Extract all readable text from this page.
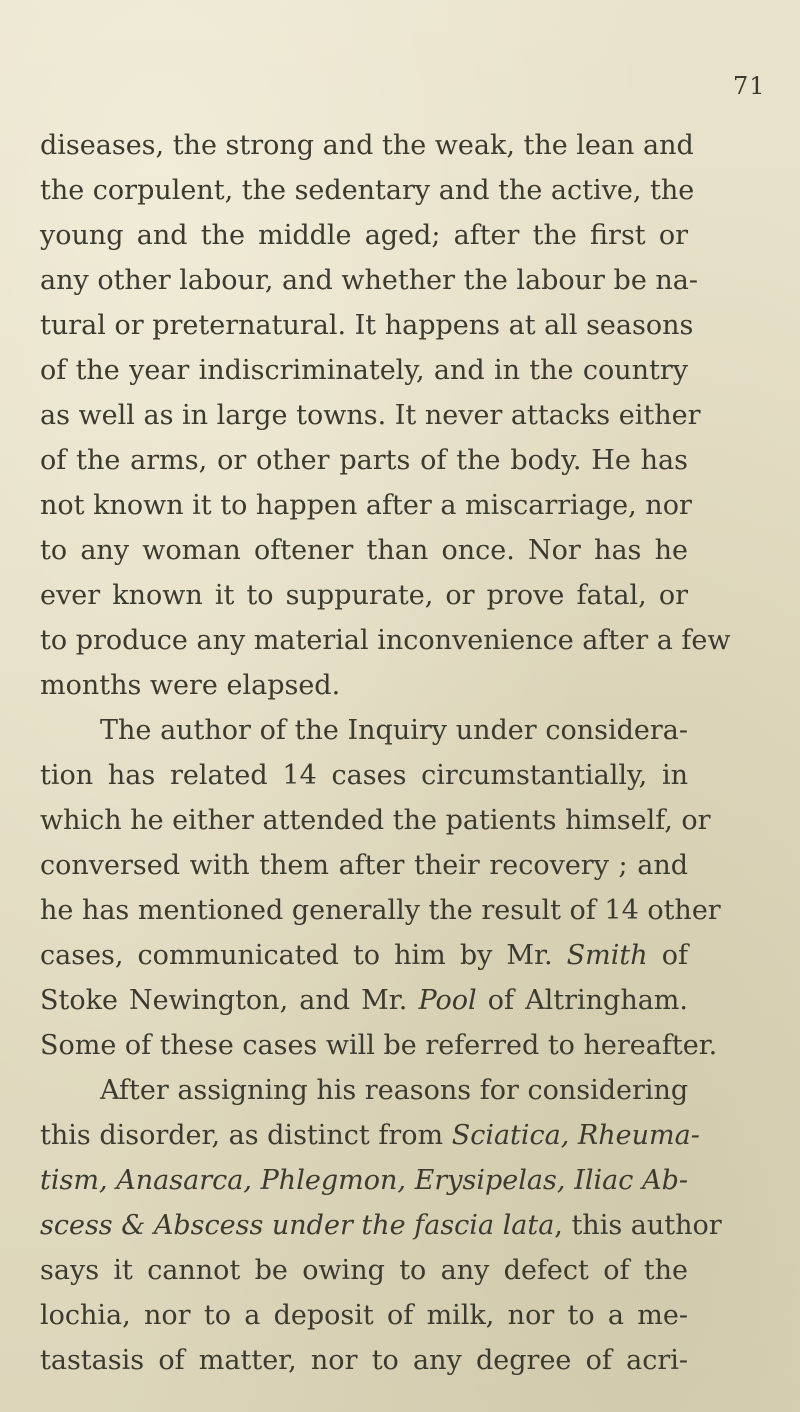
71
diseases, the strong and the weak, the lean and
the corpulent, the sedentary and the active, the
young and the middle aged; after the first or
any other labour, and whether the labour be na-
tural or preternatural. It happens at all seasons
of the year indiscriminately, and in the country
as well as in large towns. It never attacks either
of the arms, or other parts of the body. He has
not known it to happen after a miscarriage, nor
to any woman oftener than once. Nor has he
ever known it to suppurate, or prove fatal, or
to produce any material inconvenience after a few
months were elapsed.
The author of the Inquiry under considera-
tion has related 14 cases circumstantially, in
which he either attended the patients himself, or
conversed with them after their recovery ; and
he has mentioned generally the result of 14 other
cases, communicated to him by Mr. Smith of
Stoke Newington, and Mr. Pool of Altringham.
Some of these cases will be referred to hereafter.
After assigning his reasons for considering
this disorder, as distinct from Sciatica, Rheuma-
tism, Anasarca, Phlegmon, Erysipelas, Iliac Ab-
scess & Abscess under the fascia lata, this author
says it cannot be owing to any defect of the
lochia, nor to a deposit of milk, nor to a me-
tastasis of matter, nor to any degree of acri-
